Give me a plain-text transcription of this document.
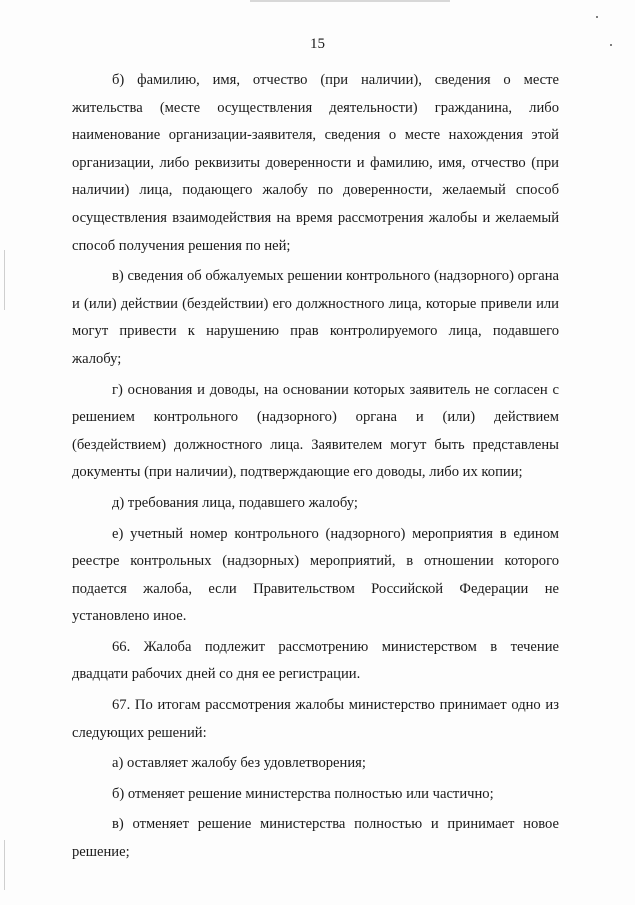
15

б) фамилию, имя, отчество (при наличии), сведения о месте жительства (месте осуществления деятельности) гражданина, либо наименование организации-заявителя, сведения о месте нахождения этой организации, либо реквизиты доверенности и фамилию, имя, отчество (при наличии) лица, подающего жалобу по доверенности, желаемый способ осуществления взаимодействия на время рассмотрения жалобы и желаемый способ получения решения по ней;

в) сведения об обжалуемых решении контрольного (надзорного) органа и (или) действии (бездействии) его должностного лица, которые привели или могут привести к нарушению прав контролируемого лица, подавшего жалобу;

г) основания и доводы, на основании которых заявитель не согласен с решением контрольного (надзорного) органа и (или) действием (бездействием) должностного лица. Заявителем могут быть представлены документы (при наличии), подтверждающие его доводы, либо их копии;

д) требования лица, подавшего жалобу;

е) учетный номер контрольного (надзорного) мероприятия в едином реестре контрольных (надзорных) мероприятий, в отношении которого подается жалоба, если Правительством Российской Федерации не установлено иное.

66. Жалоба подлежит рассмотрению министерством в течение двадцати рабочих дней со дня ее регистрации.

67. По итогам рассмотрения жалобы министерство принимает одно из следующих решений:

а) оставляет жалобу без удовлетворения;

б) отменяет решение министерства полностью или частично;

в) отменяет решение министерства полностью и принимает новое решение;
